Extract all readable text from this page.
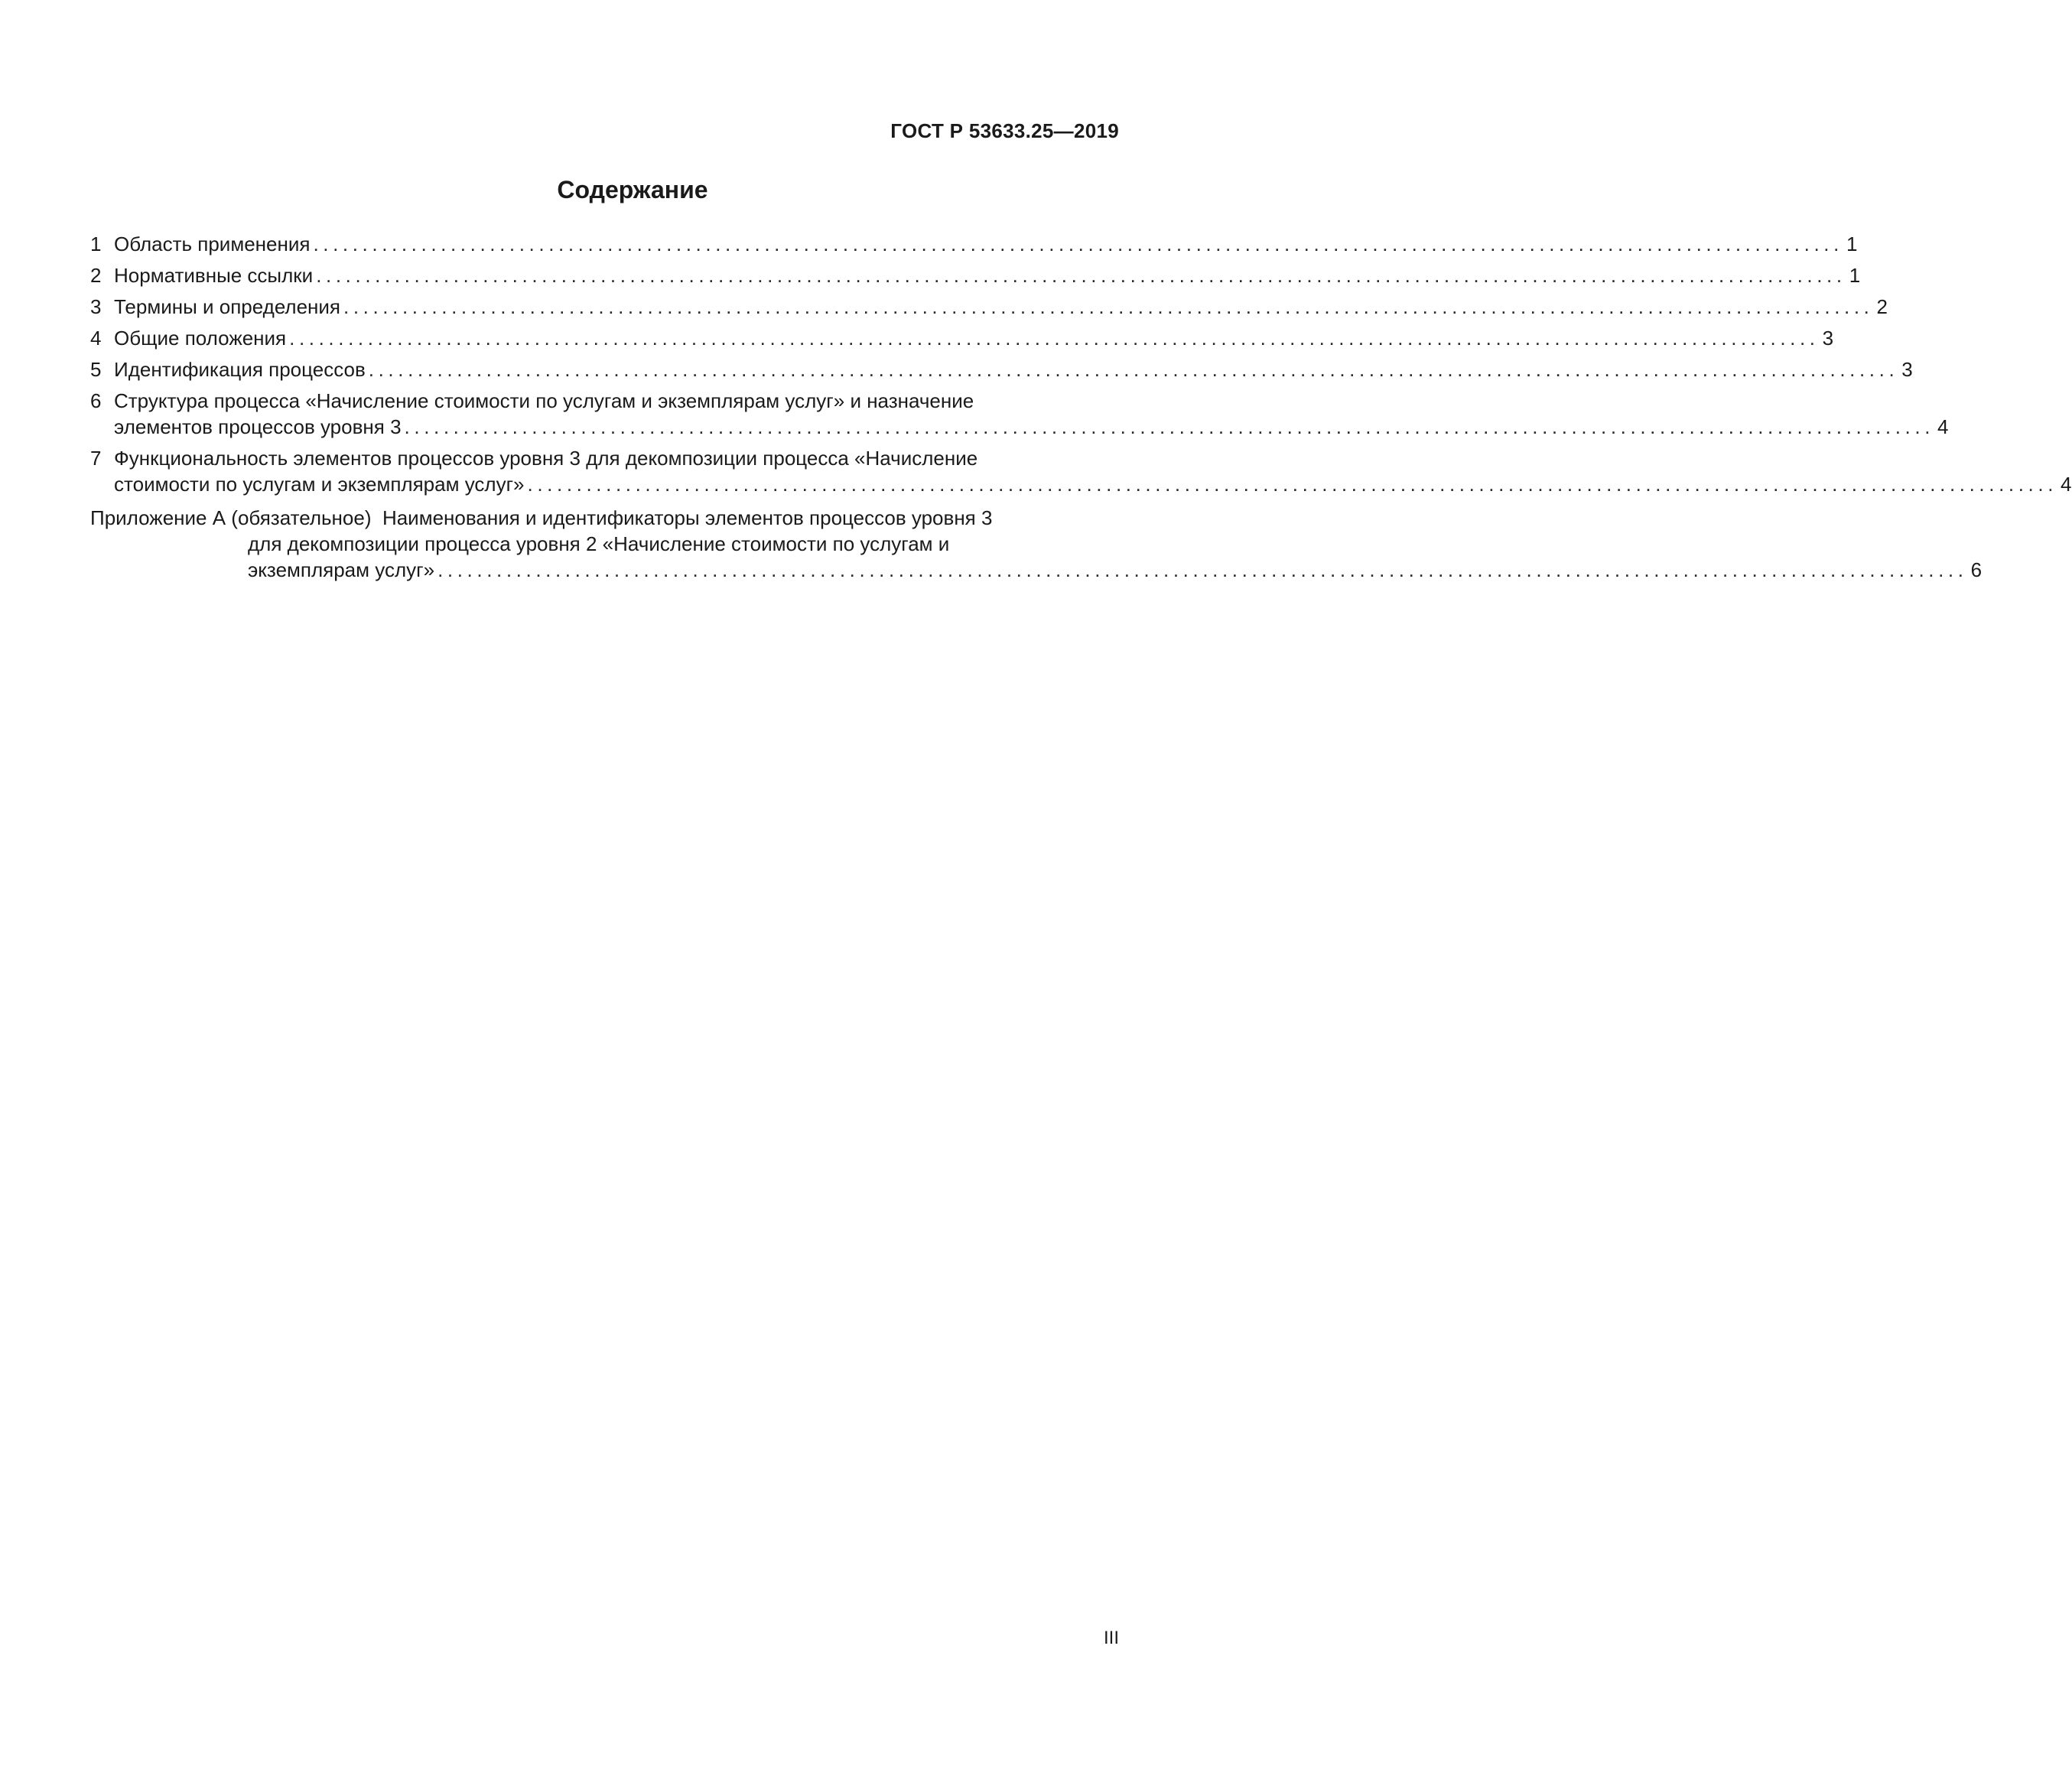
ГОСТ Р 53633.25—2019
Содержание
1 Область применения ............................................................................................................................................................ 1
2 Нормативные ссылки ............................................................................................................................................................ 1
3 Термины и определения ............................................................................................................................................................ 2
4 Общие положения ............................................................................................................................................................ 3
5 Идентификация процессов ............................................................................................................................................................ 3
6 Структура процесса «Начисление стоимости по услугам и экземплярам услуг» и назначение
элементов процессов уровня 3 ............................................................................................................................................................ 4
7 Функциональность элементов процессов уровня 3 для декомпозиции процесса «Начисление
стоимости по услугам и экземплярам услуг» ............................................................................................................................................................ 4
Приложение А (обязательное) Наименования и идентификаторы элементов процессов уровня 3
для декомпозиции процесса уровня 2 «Начисление стоимости по услугам и
экземплярам услуг» ............................................................................................................................................................ 6
III
